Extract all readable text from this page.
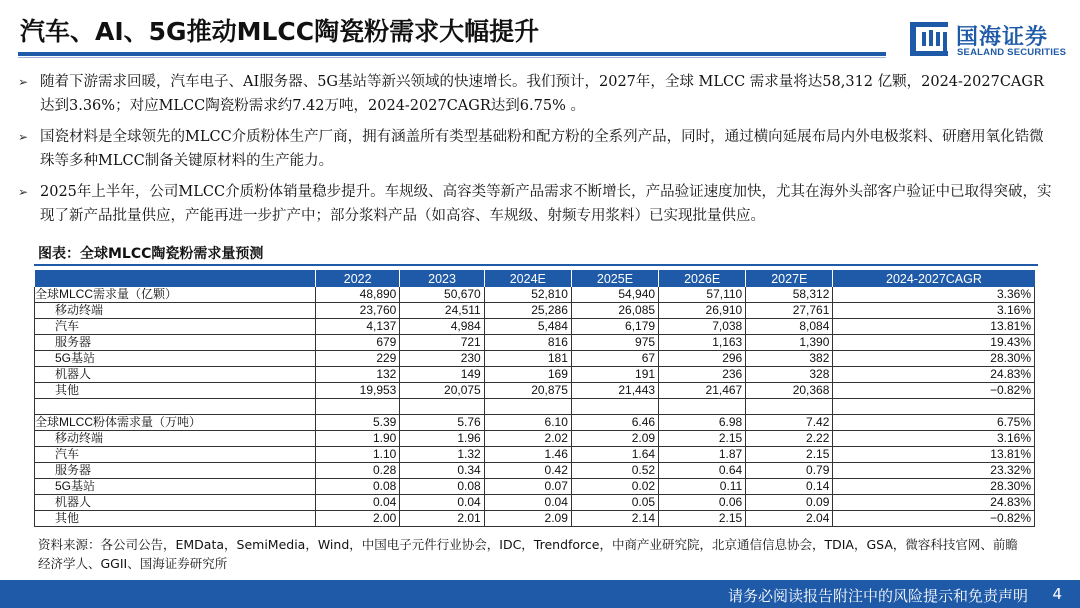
汽车、AI、5G推动MLCC陶瓷粉需求大幅提升	国海证券
SEALAND SECURITIES
➢ 随着下游需求回暖，汽车电子、AI服务器、5G基站等新兴领域的快速增长。我们预计，2027年，全球 MLCC 需求量将达58,312 亿颗，2024-2027CAGR达到3.36%；对应MLCC陶瓷粉需求约7.42万吨，2024-2027CAGR达到6.75% 。
➢ 国瓷材料是全球领先的MLCC介质粉体生产厂商，拥有涵盖所有类型基础粉和配方粉的全系列产品，同时，通过横向延展布局内外电极浆料、研磨用氧化锆微珠等多种MLCC制备关键原材料的生产能力。
➢ 2025年上半年，公司MLCC介质粉体销量稳步提升。车规级、高容类等新产品需求不断增长，产品验证速度加快，尤其在海外头部客户验证中已取得突破，实现了新产品批量供应，产能再进一步扩产中；部分浆料产品（如高容、车规级、射频专用浆料）已实现批量供应。
图表：全球MLCC陶瓷粉需求量预测
	2022	2023	2024E	2025E	2026E	2027E	2024-2027CAGR
全球MLCC需求量（亿颗）	48,890	50,670	52,810	54,940	57,110	58,312	3.36%
移动终端	23,760	24,511	25,286	26,085	26,910	27,761	3.16%
汽车	4,137	4,984	5,484	6,179	7,038	8,084	13.81%
服务器	679	721	816	975	1,163	1,390	19.43%
5G基站	229	230	181	67	296	382	28.30%
机器人	132	149	169	191	236	328	24.83%
其他	19,953	20,075	20,875	21,443	21,467	20,368	−0.82%

全球MLCC粉体需求量（万吨）	5.39	5.76	6.10	6.46	6.98	7.42	6.75%
移动终端	1.90	1.96	2.02	2.09	2.15	2.22	3.16%
汽车	1.10	1.32	1.46	1.64	1.87	2.15	13.81%
服务器	0.28	0.34	0.42	0.52	0.64	0.79	23.32%
5G基站	0.08	0.08	0.07	0.02	0.11	0.14	28.30%
机器人	0.04	0.04	0.04	0.05	0.06	0.09	24.83%
其他	2.00	2.01	2.09	2.14	2.15	2.04	−0.82%
资料来源：各公司公告，EMData，SemiMedia，Wind，中国电子元件行业协会，IDC，Trendforce，中商产业研究院，北京通信信息协会，TDIA，GSA，微容科技官网、前瞻经济学人、GGII、国海证券研究所
请务必阅读报告附注中的风险提示和免责声明 4
